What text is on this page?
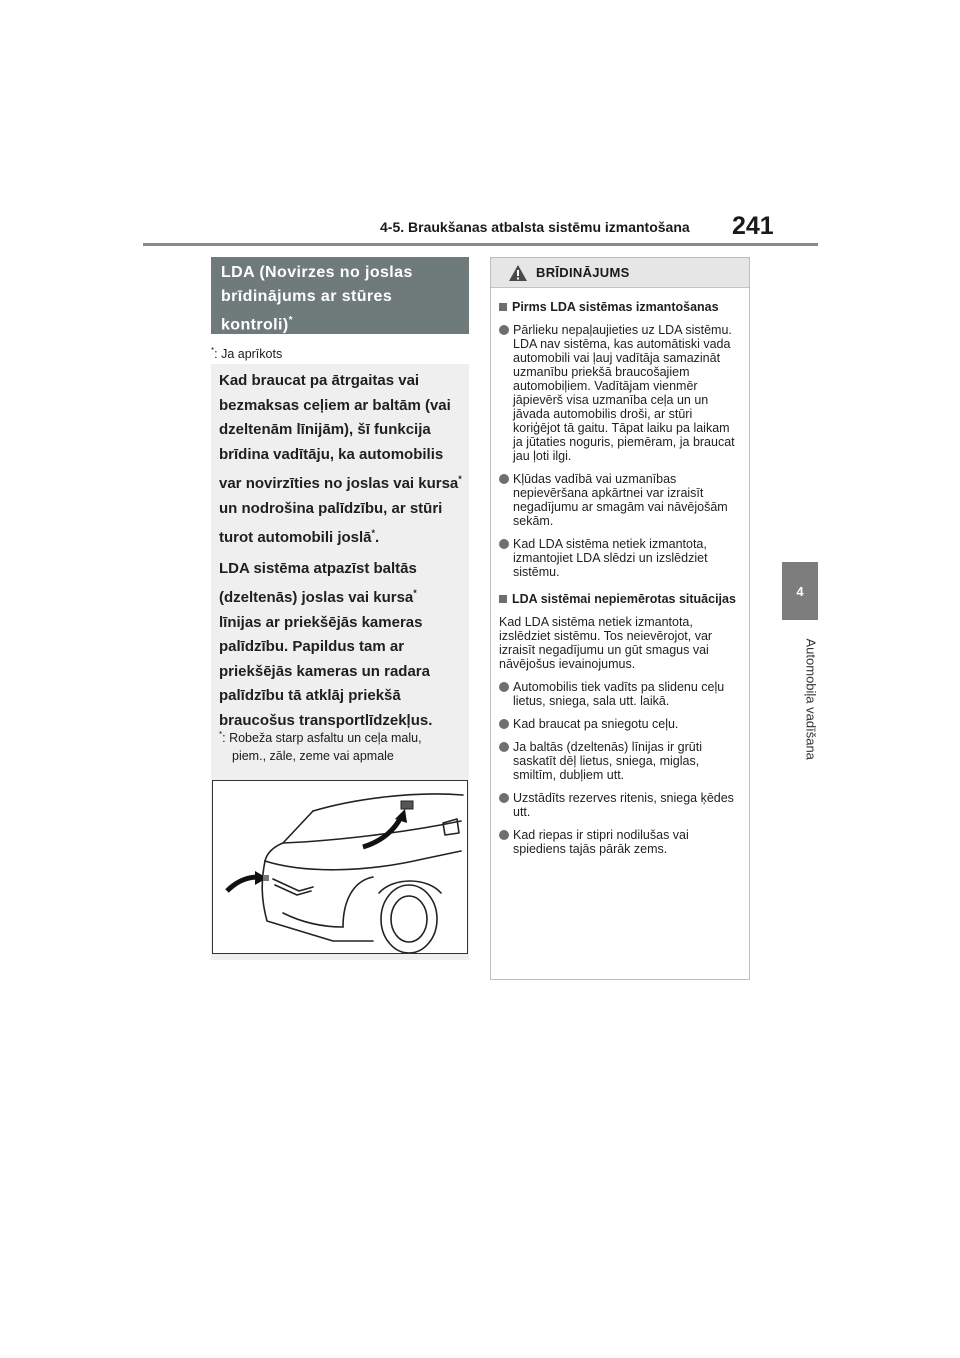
4-5. Braukšanas atbalsta sistēmu izmantošana 241
4
Automobiļa vadīšana
LDA (Novirzes no joslas brīdinājums ar stūres kontroli)*
*: Ja aprīkots

Kad braucat pa ātrgaitas vai bezmaksas ceļiem ar baltām (vai dzeltenām līnijām), šī funkcija brīdina vadītāju, ka automobilis var novirzīties no joslas vai kursa* un nodrošina palīdzību, ar stūri turot automobili joslā*.

LDA sistēma atpazīst baltās (dzeltenās) joslas vai kursa* līnijas ar priekšējās kameras palīdzību. Papildus tam ar priekšējās kameras un radara palīdzību tā atklāj priekšā braucošus transportlīdzekļus.

*: Robeža starp asfaltu un ceļa malu,
piem., zāle, zeme vai apmale
BRĪDINĀJUMS
Pirms LDA sistēmas izmantošanas
Pārlieku nepaļaujieties uz LDA sistēmu. LDA nav sistēma, kas automātiski vada automobili vai ļauj vadītāja samazināt uzmanību priekšā braucošajiem automobiļiem. Vadītājam vienmēr jāpievērš visa uzmanība ceļa un un jāvada automobilis droši, ar stūri koriģējot tā gaitu. Tāpat laiku pa laikam ja jūtaties noguris, piemēram, ja braucat jau ļoti ilgi.
Kļūdas vadībā vai uzmanības nepievēršana apkārtnei var izraisīt negadījumu ar smagām vai nāvējošām sekām.
Kad LDA sistēma netiek izmantota, izmantojiet LDA slēdzi un izslēdziet sistēmu.
LDA sistēmai nepiemērotas situācijas
Kad LDA sistēma netiek izmantota, izslēdziet sistēmu. Tos neievērojot, var izraisīt negadījumu un gūt smagus vai nāvējošus ievainojumus.
Automobilis tiek vadīts pa slidenu ceļu lietus, sniega, sala utt. laikā.
Kad braucat pa sniegotu ceļu.
Ja baltās (dzeltenās) līnijas ir grūti saskatīt dēļ lietus, sniega, miglas, smiltīm, dubļiem utt.
Uzstādīts rezerves ritenis, sniega ķēdes utt.
Kad riepas ir stipri nodilušas vai spiediens tajās pārāk zems.
